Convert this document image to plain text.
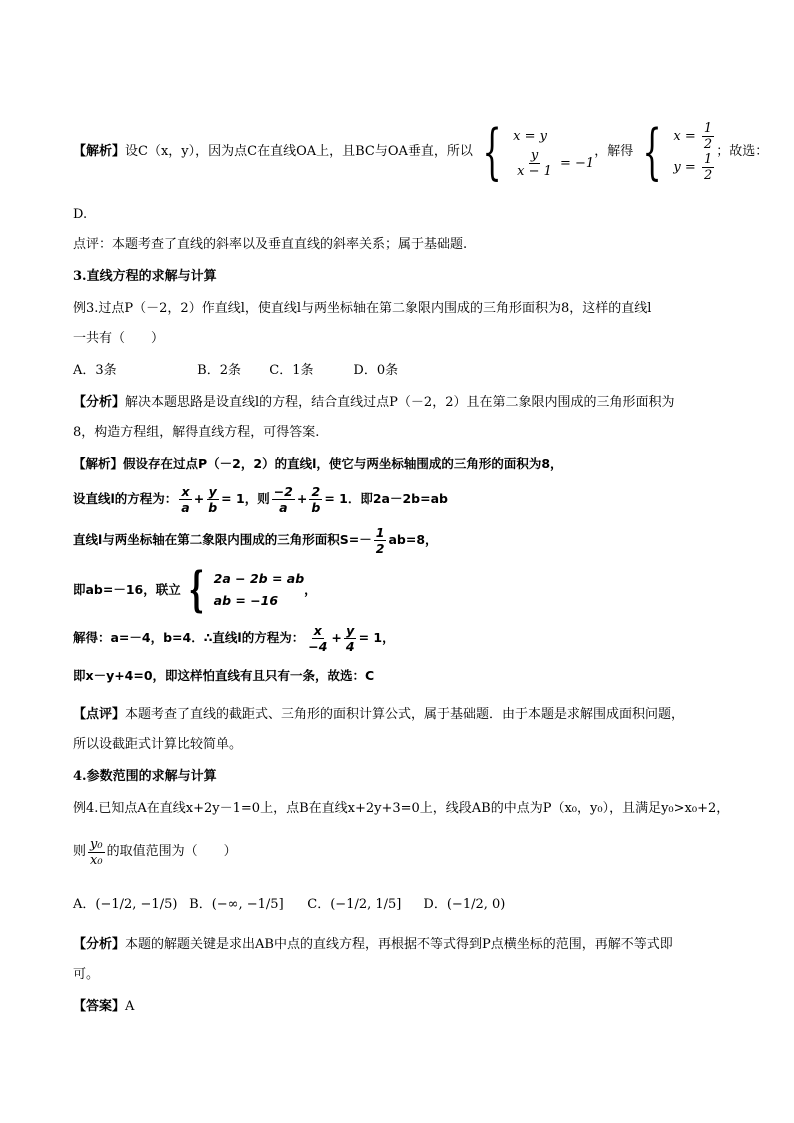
【解析】 设C（x，y），因为点C在直线OA上，且BC与OA垂直，所以 { x = y
$\frac{y}{x - 1} = -1$
，解得 { $x = \frac{1}{2}$
$y = \frac{1}{2}$
；故选：
D.
点评：本题考查了直线的斜率以及垂直直线的斜率关系；属于基础题.
3.直线方程的求解与计算
例3.过点P（－2，2）作直线l，使直线l与两坐标轴在第二象限内围成的三角形面积为8，这样的直线l
一共有（　　）
A．3条	B．2条 C．1条	D．0条
【分析】解决本题思路是设直线l的方程，结合直线过点P（－2，2）且在第二象限内围成的三角形面积为
8，构造方程组，解得直线方程，可得答案.
【解析】假设存在过点P（－2，2）的直线l，使它与两坐标轴围成的三角形的面积为8，
设直线l的方程为： $\frac{x}{a} + \frac{y}{b} = 1$，则 $\frac{-2}{a} + \frac{2}{b} = 1$．即2a－2b=ab
直线l与两坐标轴在第二象限内围成的三角形面积$S=- \frac{1}{2} ab=8$，
即ab=－16，联立 { 2a − 2b = ab
ab = −16
，
解得：a=－4，b=4．∴直线l的方程为： $\frac{x}{-4} + \frac{y}{4} = 1$，
即x－y+4=0，即这样怕直线有且只有一条，故选：C
【点评】本题考查了直线的截距式、三角形的面积计算公式，属于基础题．由于本题是求解围成面积问题，
所以设截距式计算比较简单。
4.参数范围的求解与计算
例4.已知点A在直线x+2y－1=0上，点B在直线x+2y+3=0上，线段AB的中点为P（x₀，y₀），且满足y₀>x₀+2，
则 $\frac{\text{y₀}}{\text{x₀}}$ 的取值范围为（　　）
A．(−1/2, −1/5) B．(−∞, −1/5] C．(−1/2, 1/5] D．(−1/2, 0)
【分析】本题的解题关键是求出AB中点的直线方程，再根据不等式得到P点横坐标的范围，再解不等式即
可。
【答案】A
